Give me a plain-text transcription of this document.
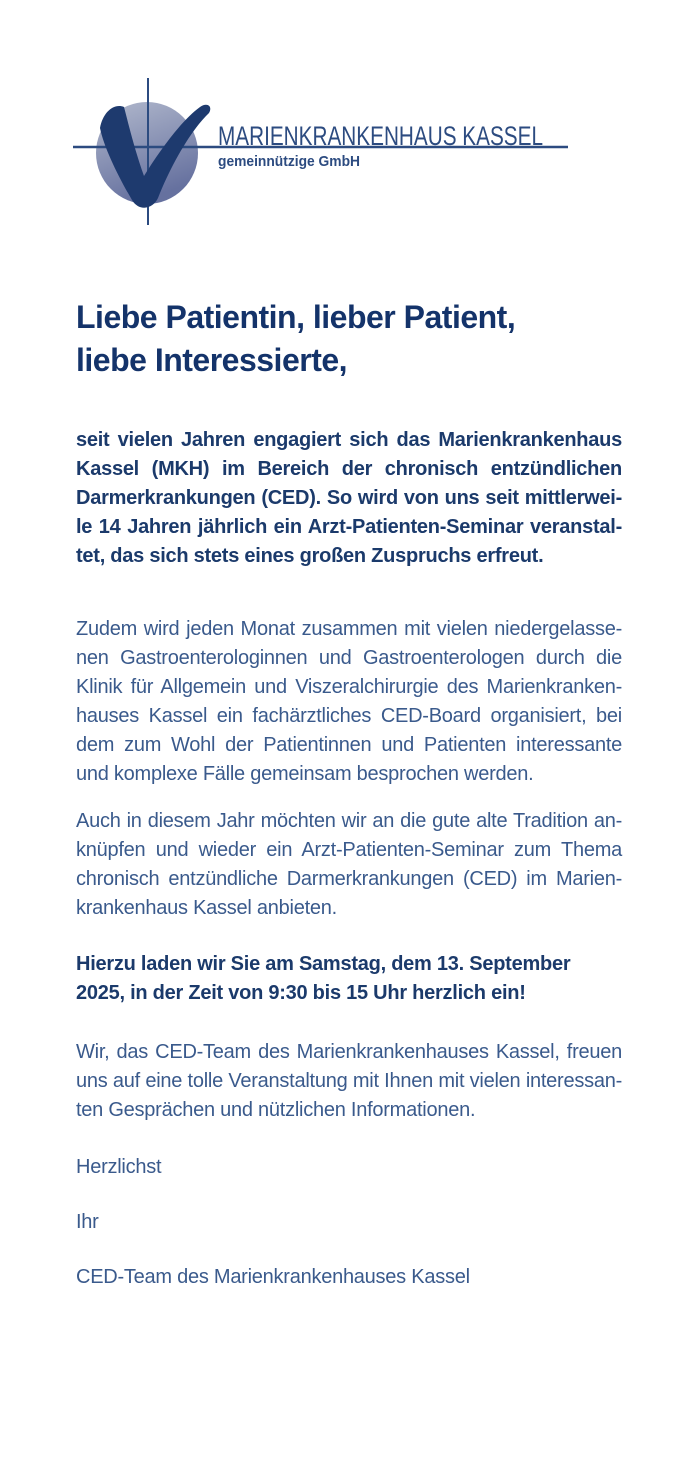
MARIENKRANKENHAUS KASSEL
gemeinnützige GmbH
Liebe Patientin, lieber Patient,
liebe Interessierte,
seit vielen Jahren engagiert sich das Marienkrankenhaus
Kassel (MKH) im Bereich der chronisch entzündlichen
Darmerkrankungen (CED). So wird von uns seit mittlerwei-
le 14 Jahren jährlich ein Arzt-Patienten-Seminar veranstal-
tet, das sich stets eines großen Zuspruchs erfreut.
Zudem wird jeden Monat zusammen mit vielen niedergelasse-
nen Gastroenterologinnen und Gastroenterologen durch die
Klinik für Allgemein und Viszeralchirurgie des Marienkranken-
hauses Kassel ein fachärztliches CED-Board organisiert, bei
dem zum Wohl der Patientinnen und Patienten interessante
und komplexe Fälle gemeinsam besprochen werden.
Auch in diesem Jahr möchten wir an die gute alte Tradition an-
knüpfen und wieder ein Arzt-Patienten-Seminar zum Thema
chronisch entzündliche Darmerkrankungen (CED) im Marien-
krankenhaus Kassel anbieten.
Hierzu laden wir Sie am Samstag, dem 13. September
2025, in der Zeit von 9:30 bis 15 Uhr herzlich ein!
Wir, das CED-Team des Marienkrankenhauses Kassel, freuen
uns auf eine tolle Veranstaltung mit Ihnen mit vielen interessan-
ten Gesprächen und nützlichen Informationen.
Herzlichst
Ihr
CED-Team des Marienkrankenhauses Kassel
